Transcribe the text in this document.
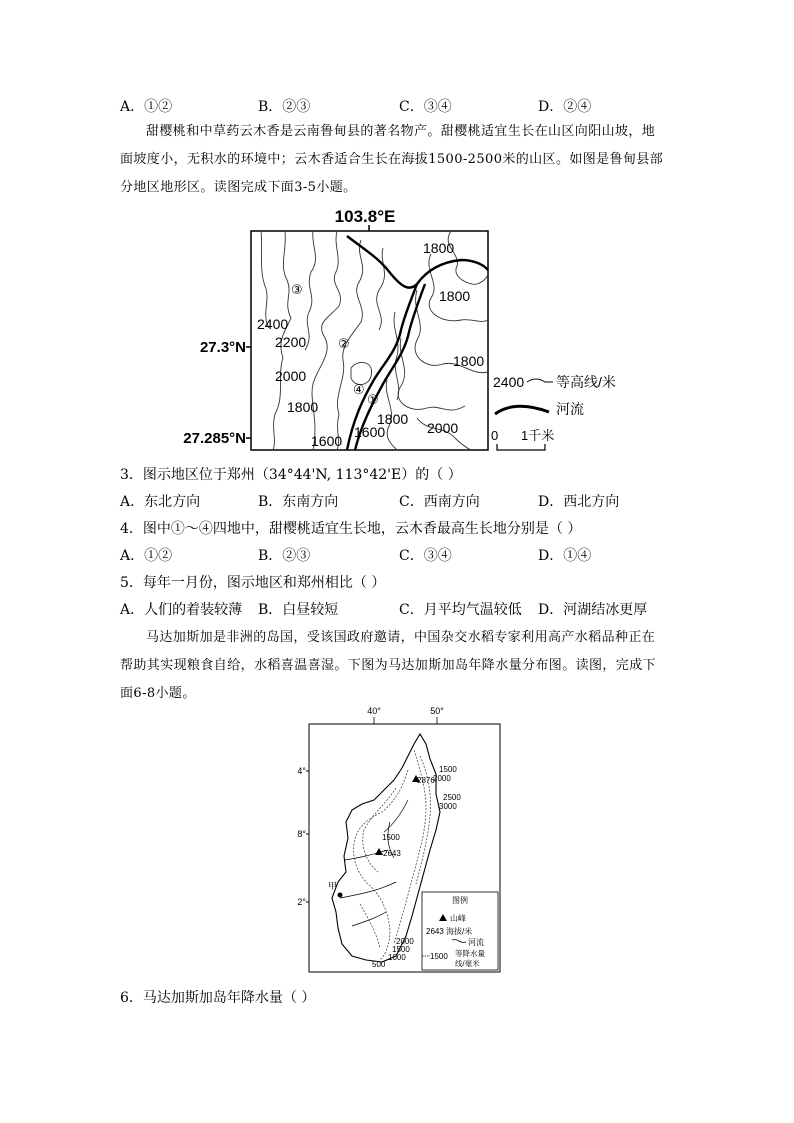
A．①②	B．②③	C．③④	D．②④
甜樱桃和中草药云木香是云南鲁甸县的著名物产。甜樱桃适宜生长在山区向阳山坡，地
面坡度小，无积水的环境中；云木香适合生长在海拔1500-2500米的山区。如图是鲁甸县部
分地区地形区。读图完成下面3-5小题。
103.8°E
27.3°N
27.285°N
1800
1800
1800
2400
2200
2000
1800
1800
1600
1600	2000
①
②
③
④	2400 等高线/米
河流
0 1千米
3．图示地区位于郑州（34°44'N, 113°42'E）的（ ）
A．东北方向	B．东南方向	C．西南方向	D．西北方向
4．图中①～④四地中，甜樱桃适宜生长地，云木香最高生长地分别是（ ）
A．①②	B．②③	C．③④	D．①④
5．每年一月份，图示地区和郑州相比（ ）
A．人们的着装较薄 B．白昼较短	C．月平均气温较低 D．河湖结冰更厚
马达加斯加是非洲的岛国，受该国政府邀请，中国杂交水稻专家利用高产水稻品种正在
帮助其实现粮食自给，水稻喜温喜湿。下图为马达加斯加岛年降水量分布图。读图，完成下
面6-8小题。
40°	50°
4°
8°
2°
2876
2643
甲
1500
2000
2500
3000
1500
2000
1500
1000
500
图例
山峰
2643 海拔/米
河流
1500 等降水量
线/毫米
6．马达加斯加岛年降水量（ ）
